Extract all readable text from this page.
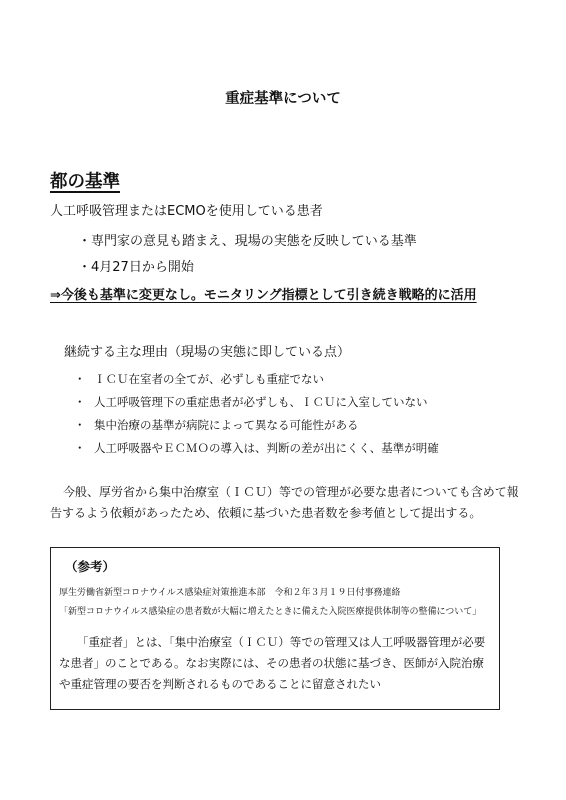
重症基準について
都の基準
人工呼吸管理またはECMOを使用している患者
・専門家の意見も踏まえ、現場の実態を反映している基準
・4月27日から開始
⇒今後も基準に変更なし。モニタリング指標として引き続き戦略的に活用
継続する主な理由（現場の実態に即している点）
・ ＩＣＵ在室者の全てが、必ずしも重症でない
・ 人工呼吸管理下の重症患者が必ずしも、ＩＣＵに入室していない
・ 集中治療の基準が病院によって異なる可能性がある
・ 人工呼吸器やＥＣＭＯの導入は、判断の差が出にくく、基準が明確
今般、厚労省から集中治療室（ＩＣＵ）等での管理が必要な患者についても含めて報告するよう依頼があったため、依頼に基づいた患者数を参考値として提出する。
（参考）
厚生労働省新型コロナウイルス感染症対策推進本部　令和２年３月１９日付事務連絡
「新型コロナウイルス感染症の患者数が大幅に増えたときに備えた入院医療提供体制等の整備について」
「重症者」とは、「集中治療室（ＩＣＵ）等での管理又は人工呼吸器管理が必要な患者」のことである。なお実際には、その患者の状態に基づき、医師が入院治療や重症管理の要否を判断されるものであることに留意されたい
